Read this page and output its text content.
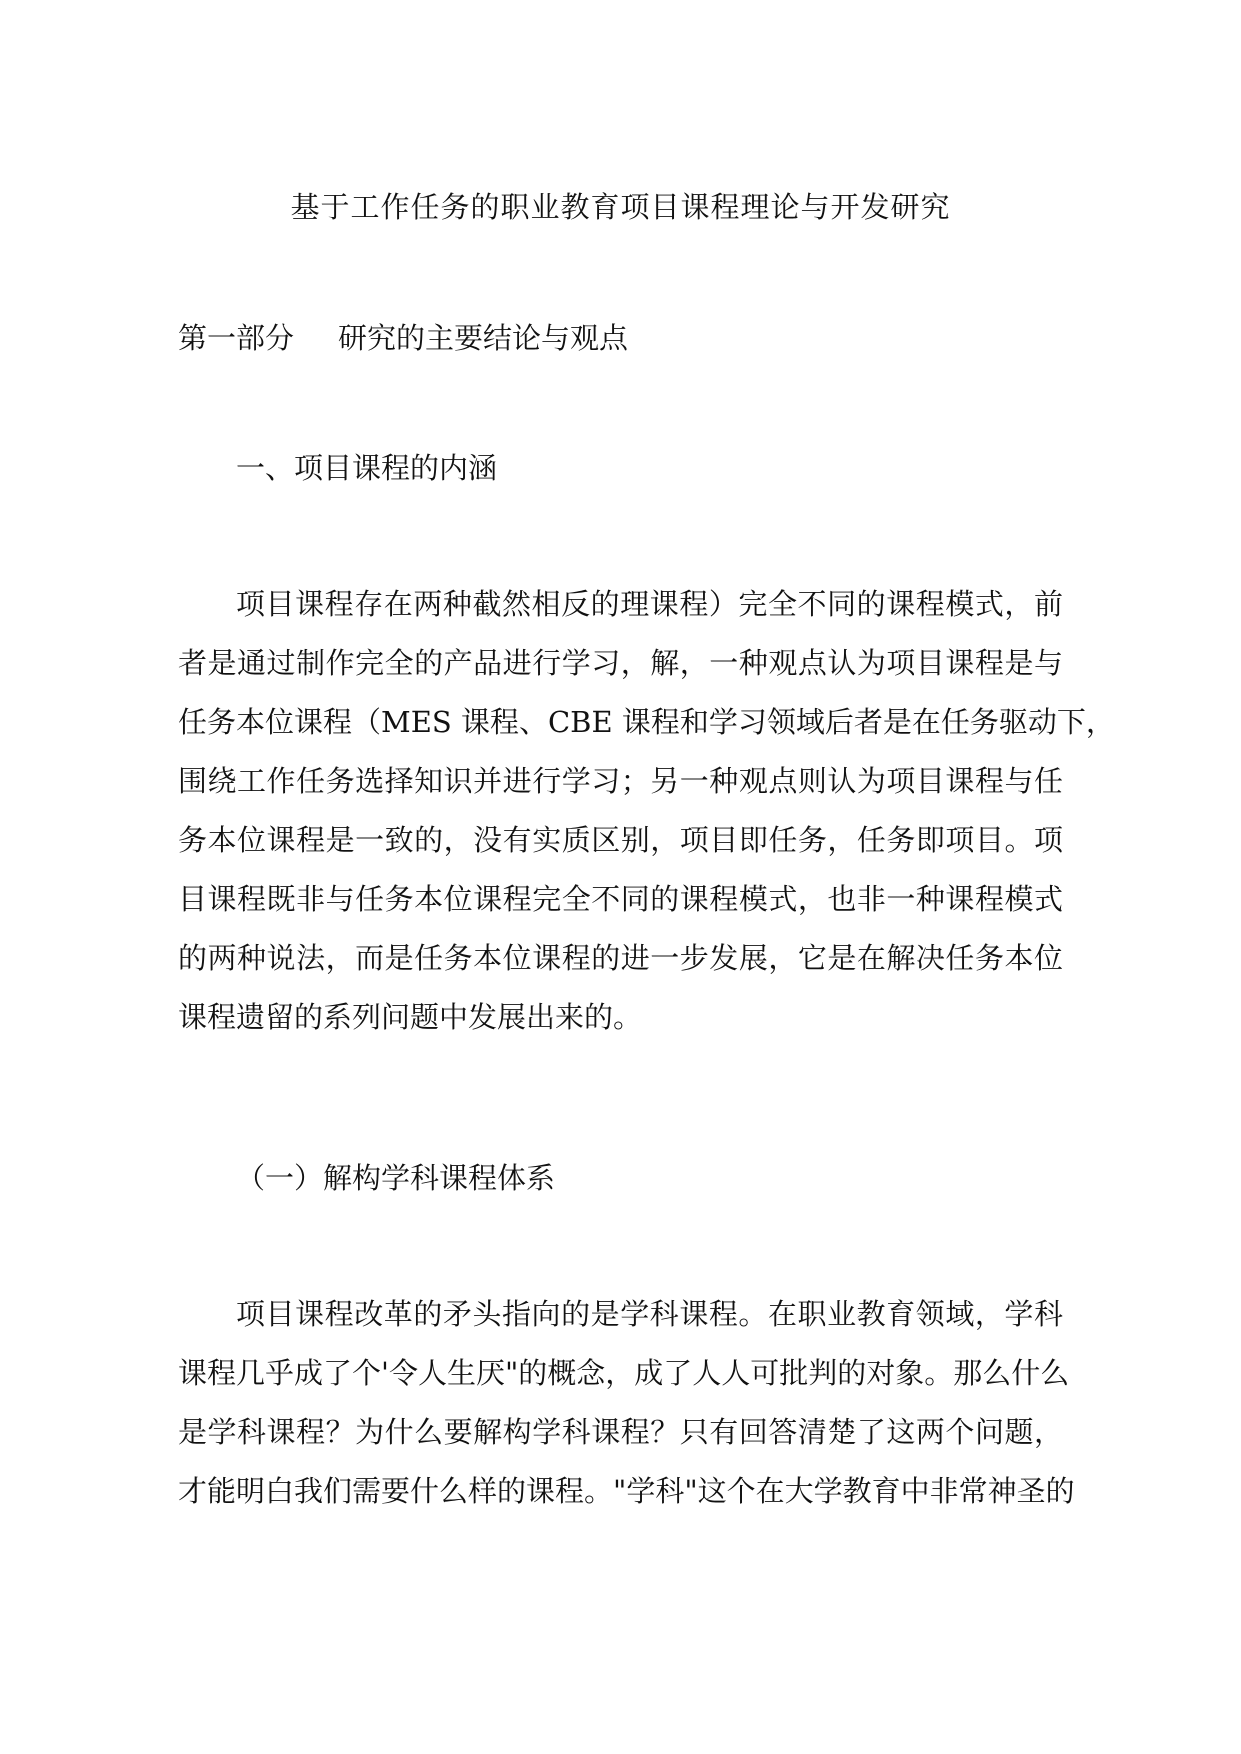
基于工作任务的职业教育项目课程理论与开发研究
第一部分 研究的主要结论与观点
一、项目课程的内涵
项目课程存在两种截然相反的理课程）完全不同的课程模式，前
者是通过制作完全的产品进行学习，解，一种观点认为项目课程是与
任务本位课程（MES 课程、CBE 课程和学习领域后者是在任务驱动下，
围绕工作任务选择知识并进行学习；另一种观点则认为项目课程与任
务本位课程是一致的，没有实质区别，项目即任务，任务即项目。项
目课程既非与任务本位课程完全不同的课程模式，也非一种课程模式
的两种说法，而是任务本位课程的进一步发展，它是在解决任务本位
课程遗留的系列问题中发展出来的。
（一）解构学科课程体系
项目课程改革的矛头指向的是学科课程。在职业教育领域，学科
课程几乎成了个'令人生厌"的概念，成了人人可批判的对象。那么什么
是学科课程？为什么要解构学科课程？只有回答清楚了这两个问题，
才能明白我们需要什么样的课程。"学科"这个在大学教育中非常神圣的
